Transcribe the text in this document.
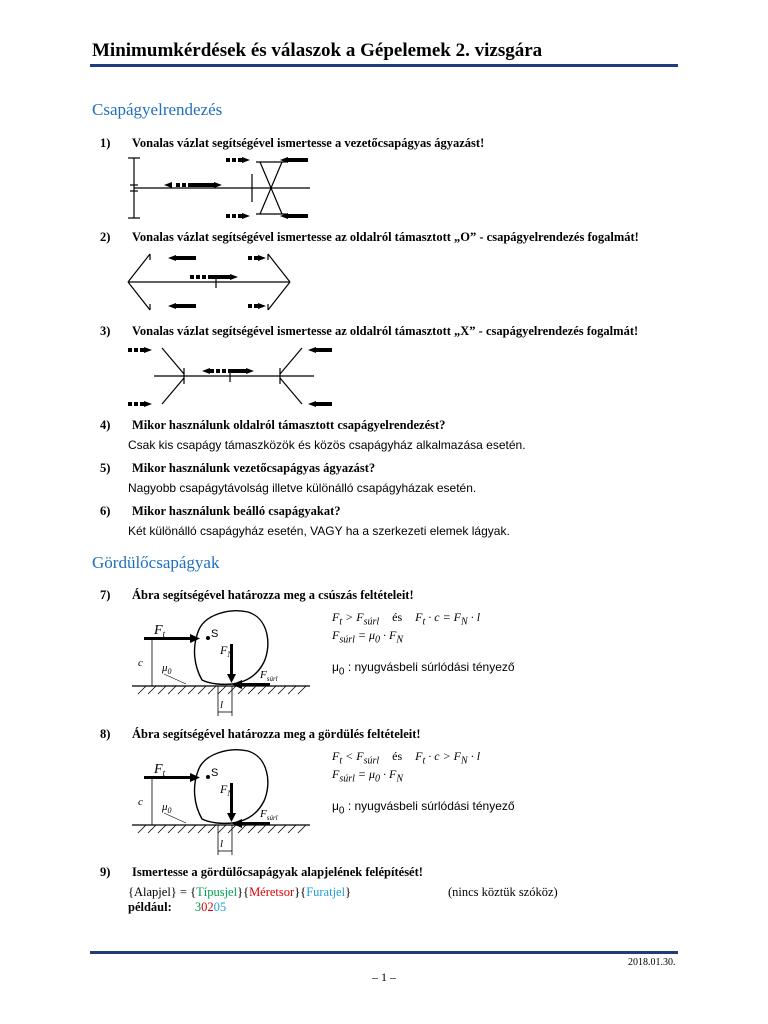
Minimumkérdések és válaszok a Gépelemek 2. vizsgára
Csapágyelrendezés
1) Vonalas vázlat segítségével ismertesse a vezetőcsapágyas ágyazást!
2) Vonalas vázlat segítségével ismertesse az oldalról támasztott „O” - csapágyelrendezés fogalmát!
3) Vonalas vázlat segítségével ismertesse az oldalról támasztott „X” - csapágyelrendezés fogalmát!
4) Mikor használunk oldalról támasztott csapágyelrendezést?
Csak kis csapágy támaszközök és közös csapágyház alkalmazása esetén.
5) Mikor használunk vezetőcsapágyas ágyazást?
Nagyobb csapágytávolság illetve különálló csapágyházak esetén.
6) Mikor használunk beálló csapágyakat?
Két különálló csapágyház esetén, VAGY ha a szerkezeti elemek lágyak.
Gördülőcsapágyak
7) Ábra segítségével határozza meg a csúszás feltételeit!
$F_t$	S
$F_N$
c $\mu_0$	$F_{súrl}$
l
$F_t > F_{súrl}$ és $F_t \cdot c = F_N \cdot l$
$F_{súrl} = \mu_0 \cdot F_N$
$\mu_0$ : nyugvásbeli súrlódási tényező
8) Ábra segítségével határozza meg a gördülés feltételeit!
$F_t$	S
$F_N$
c $\mu_0$	$F_{súrl}$
l
$F_t < F_{súrl}$ és $F_t \cdot c > F_N \cdot l$
$F_{súrl} = \mu_0 \cdot F_N$
$\mu_0$ : nyugvásbeli súrlódási tényező
9) Ismertesse a gördülőcsapágyak alapjelének felépítését!
{Alapjel} = {Típusjel}{Méretsor}{Furatjel}	(nincs köztük szóköz)
például: 30205
2018.01.30.
– 1 –
